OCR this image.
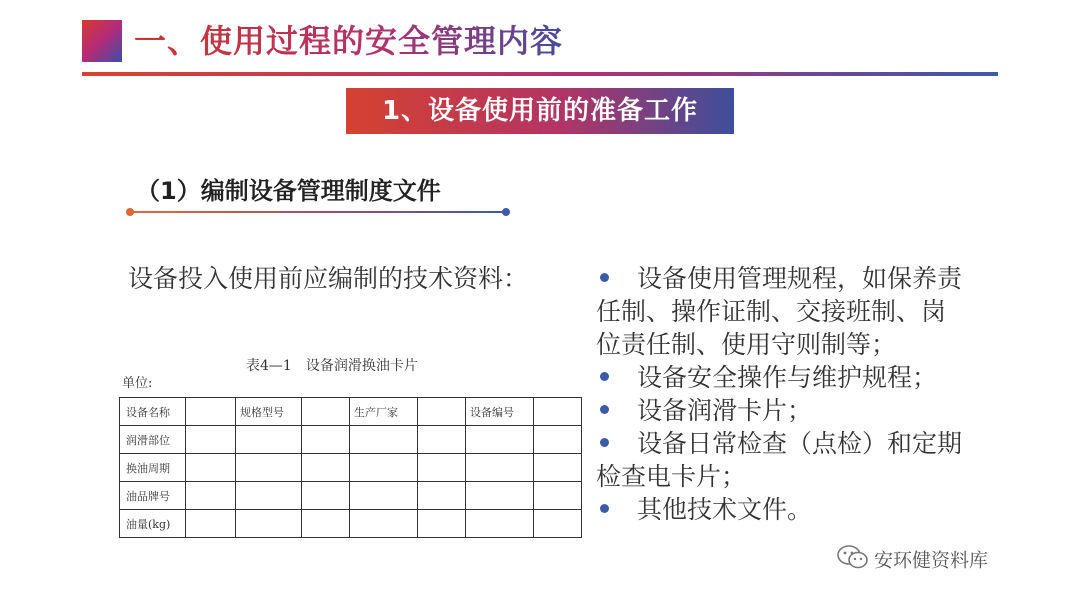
一、使用过程的安全管理内容
1、设备使用前的准备工作
（1）编制设备管理制度文件
设备投入使用前应编制的技术资料：
表4—1　设备润滑换油卡片
单位:
设备名称		规格型号		生产厂家		设备编号	
润滑部位							
换油周期							
油品牌号							
油量(kg)							
设备使用管理规程，如保养责任制、操作证制、交接班制、岗位责任制、使用守则制等；
设备安全操作与维护规程；
设备润滑卡片；
设备日常检查（点检）和定期检查电卡片；
其他技术文件。
安环健资料库
